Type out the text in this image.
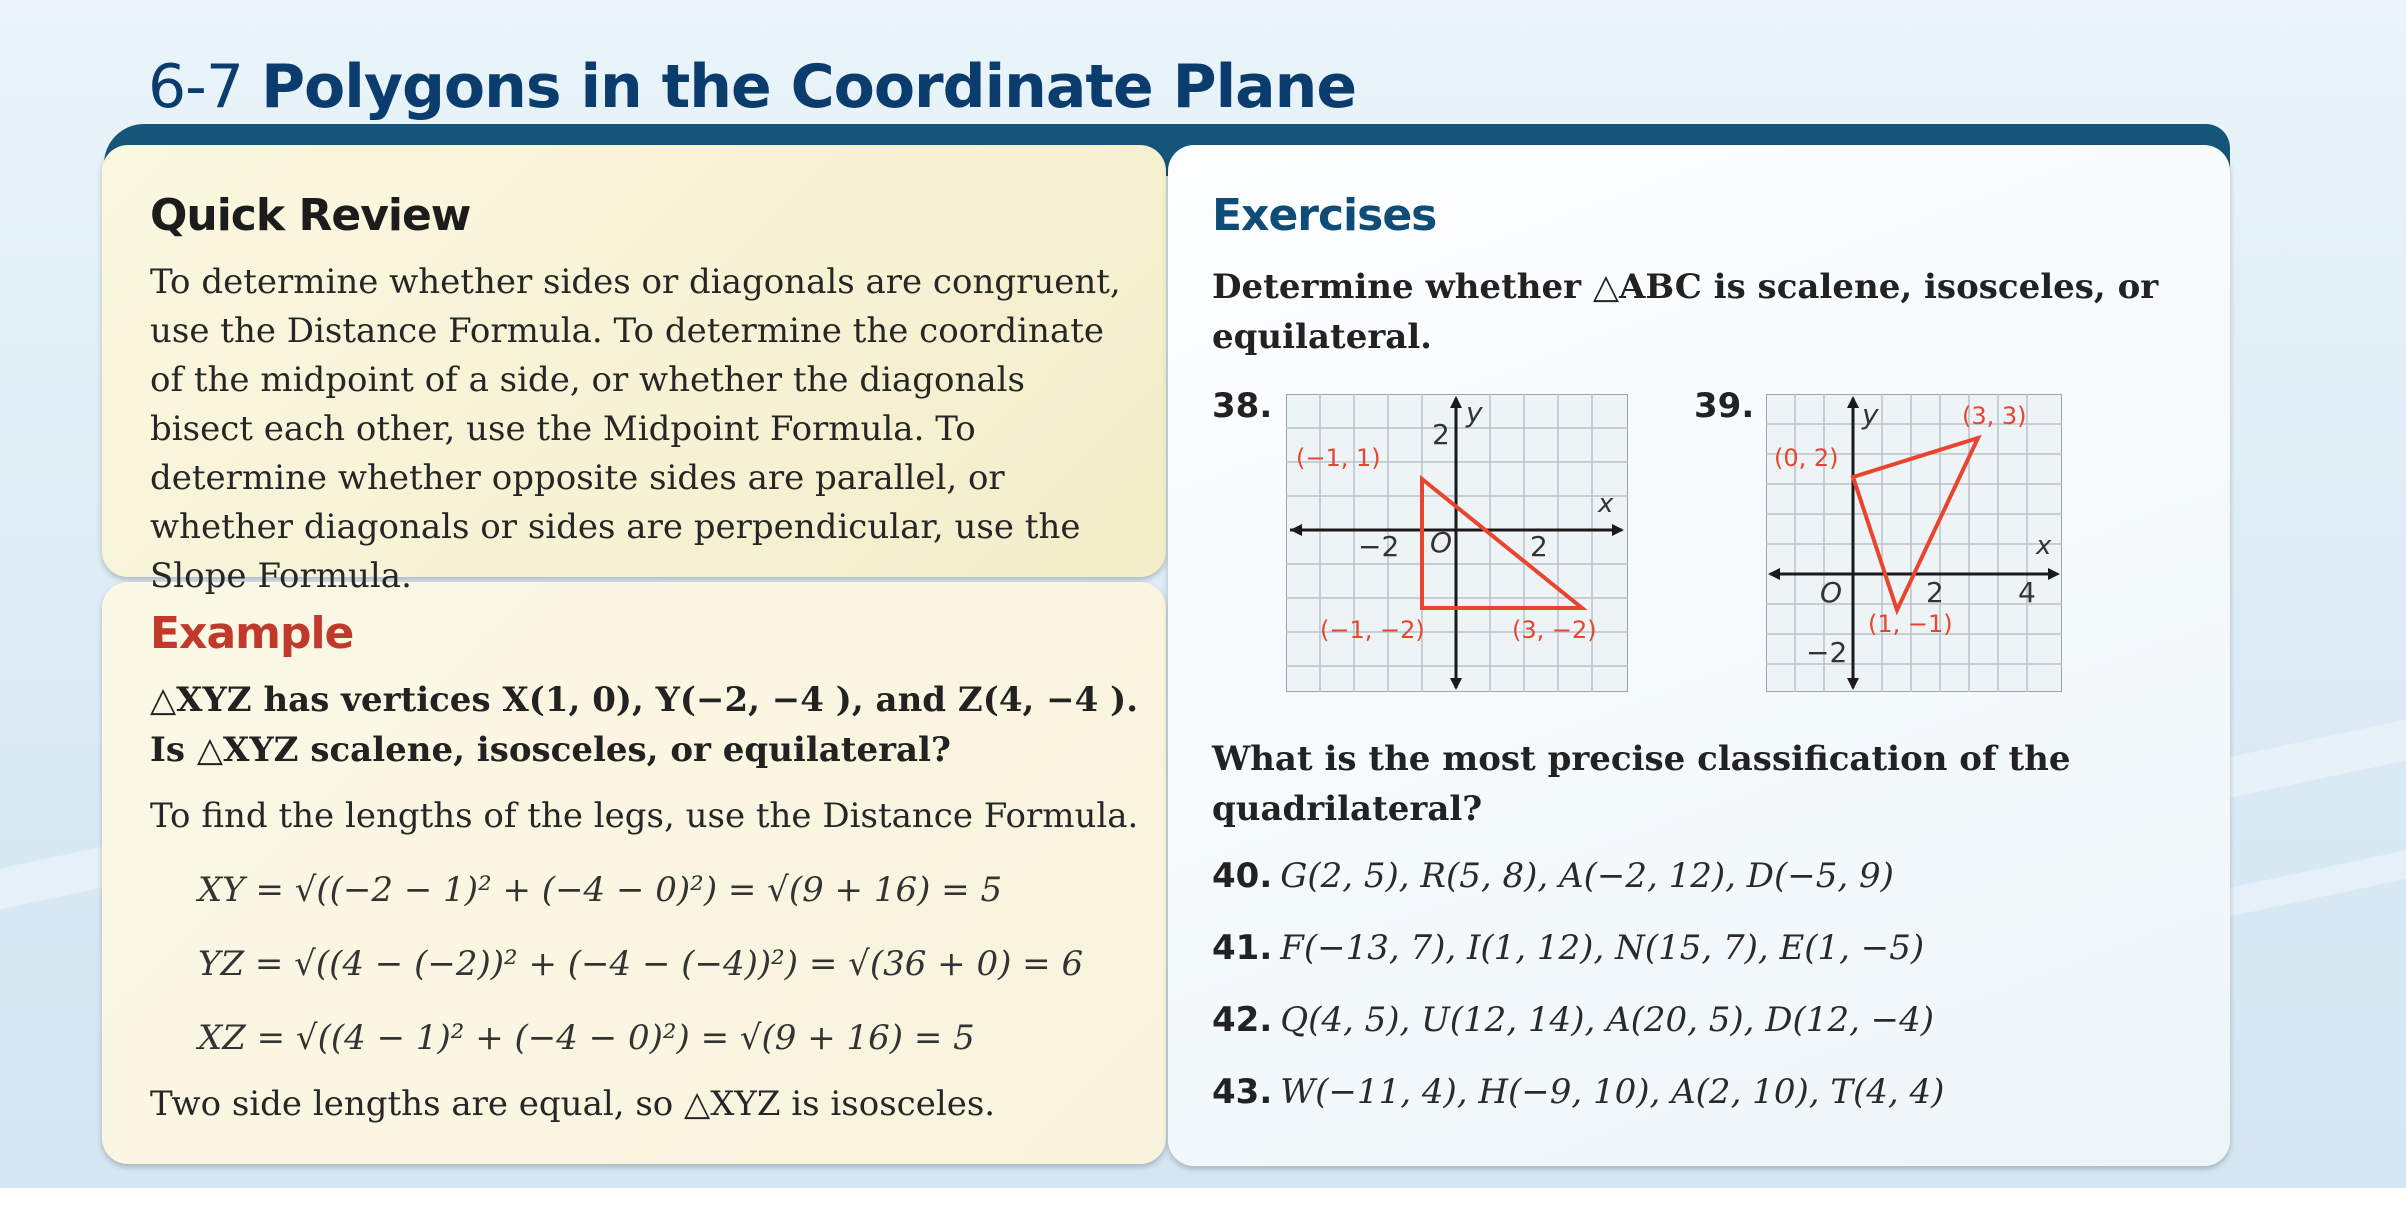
6-7 Polygons in the Coordinate Plane
Quick Review
To determine whether sides or diagonals are congruent, use the Distance Formula. To determine the coordinate of the midpoint of a side, or whether the diagonals bisect each other, use the Midpoint Formula. To determine whether opposite sides are parallel, or whether diagonals or sides are perpendicular, use the Slope Formula.
Example
△XYZ has vertices X(1, 0), Y(−2, −4 ), and Z(4, −4 ).
Is △XYZ scalene, isosceles, or equilateral?
To find the lengths of the legs, use the Distance Formula.
XY = √((−2 − 1)² + (−4 − 0)²) = √(9 + 16) = 5
YZ = √((4 − (−2))² + (−4 − (−4))²) = √(36 + 0) = 6
XZ = √((4 − 1)² + (−4 − 0)²) = √(9 + 16) = 5
Two side lengths are equal, so △XYZ is isosceles.
Exercises
Determine whether △ABC is scalene, isosceles, or equilateral.
38.	y
x
O
2
−2	2
(−1, 1)
(−1, −2)	(3, −2)
39.	y
x
O	2	4
−2
(0, 2)
(3, 3)
(1, −1)
What is the most precise classification of the quadrilateral?
40. G(2, 5), R(5, 8), A(−2, 12), D(−5, 9)
41. F(−13, 7), I(1, 12), N(15, 7), E(1, −5)
42. Q(4, 5), U(12, 14), A(20, 5), D(12, −4)
43. W(−11, 4), H(−9, 10), A(2, 10), T(4, 4)
